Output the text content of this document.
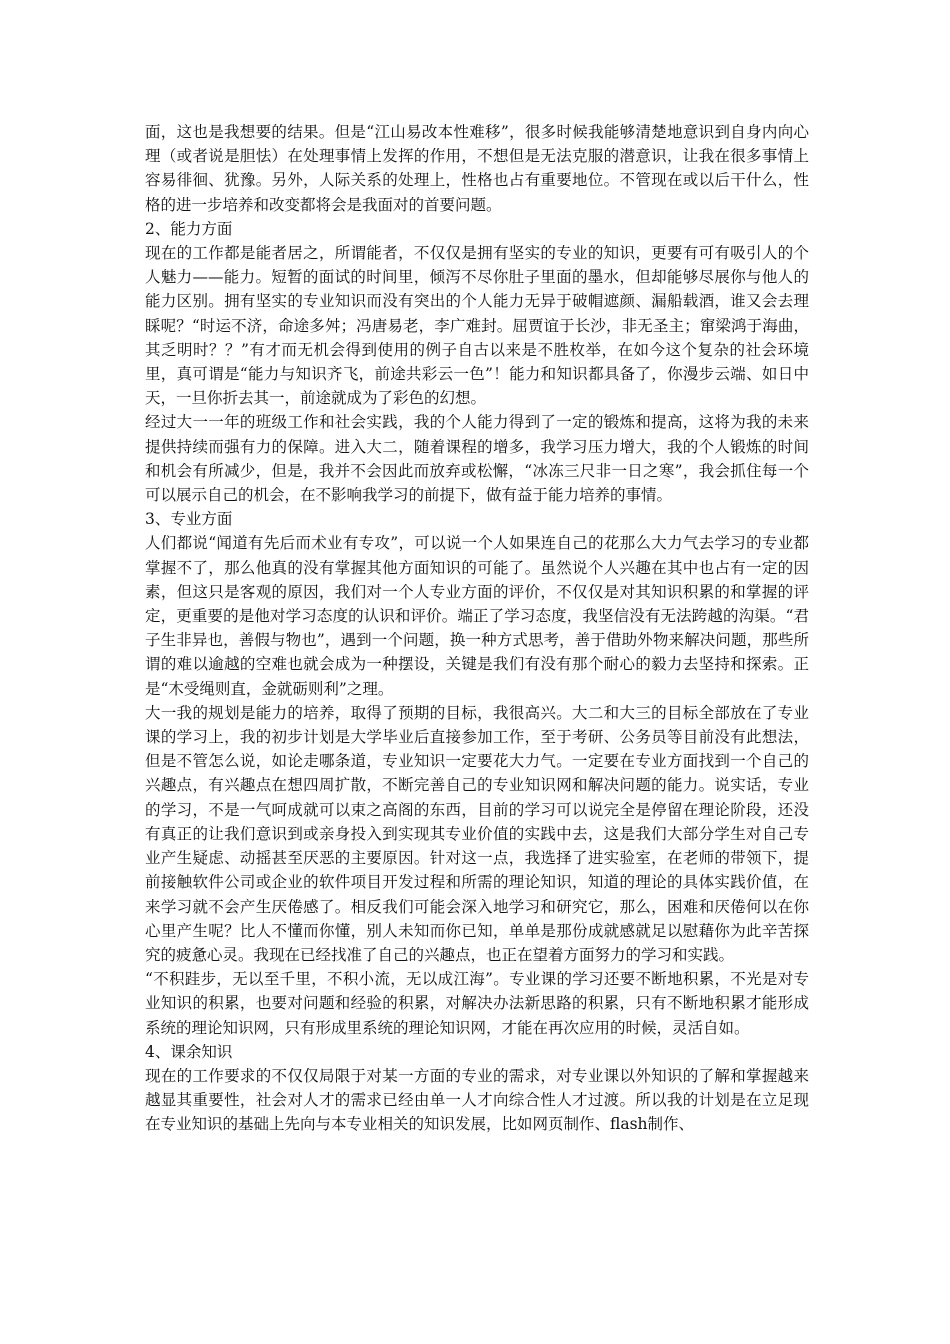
面，这也是我想要的结果。但是“江山易改本性难移”，很多时候我能够清楚地意识到自身内向心理（或者说是胆怯）在处理事情上发挥的作用，不想但是无法克服的潜意识，让我在很多事情上容易徘徊、犹豫。另外，人际关系的处理上，性格也占有重要地位。不管现在或以后干什么，性格的进一步培养和改变都将会是我面对的首要问题。

2、能力方面

现在的工作都是能者居之，所谓能者，不仅仅是拥有坚实的专业的知识，更要有可有吸引人的个人魅力——能力。短暂的面试的时间里，倾泻不尽你肚子里面的墨水，但却能够尽展你与他人的能力区别。拥有坚实的专业知识而没有突出的个人能力无异于破帽遮颜、漏船载酒，谁又会去理睬呢？“时运不济，命途多舛；冯唐易老，李广难封。屈贾谊于长沙，非无圣主；窜梁鸿于海曲，其乏明时？？”有才而无机会得到使用的例子自古以来是不胜枚举，在如今这个复杂的社会环境里，真可谓是“能力与知识齐飞，前途共彩云一色”！能力和知识都具备了，你漫步云端、如日中天，一旦你折去其一，前途就成为了彩色的幻想。

经过大一一年的班级工作和社会实践，我的个人能力得到了一定的锻炼和提高，这将为我的未来提供持续而强有力的保障。进入大二，随着课程的增多，我学习压力增大，我的个人锻炼的时间和机会有所减少，但是，我并不会因此而放弃或松懈，“冰冻三尺非一日之寒”，我会抓住每一个可以展示自己的机会，在不影响我学习的前提下，做有益于能力培养的事情。

3、专业方面

人们都说“闻道有先后而术业有专攻”，可以说一个人如果连自己的花那么大力气去学习的专业都掌握不了，那么他真的没有掌握其他方面知识的可能了。虽然说个人兴趣在其中也占有一定的因素，但这只是客观的原因，我们对一个人专业方面的评价，不仅仅是对其知识积累的和掌握的评定，更重要的是他对学习态度的认识和评价。端正了学习态度，我坚信没有无法跨越的沟渠。“君子生非异也，善假与物也”，遇到一个问题，换一种方式思考，善于借助外物来解决问题，那些所谓的难以逾越的空难也就会成为一种摆设，关键是我们有没有那个耐心的毅力去坚持和探索。正是“木受绳则直，金就砺则利”之理。

大一我的规划是能力的培养，取得了预期的目标，我很高兴。大二和大三的目标全部放在了专业课的学习上，我的初步计划是大学毕业后直接参加工作，至于考研、公务员等目前没有此想法，但是不管怎么说，如论走哪条道，专业知识一定要花大力气。一定要在专业方面找到一个自己的兴趣点，有兴趣点在想四周扩散，不断完善自己的专业知识网和解决问题的能力。说实话，专业的学习，不是一气呵成就可以束之高阁的东西，目前的学习可以说完全是停留在理论阶段，还没有真正的让我们意识到或亲身投入到实现其专业价值的实践中去，这是我们大部分学生对自己专业产生疑虑、动摇甚至厌恶的主要原因。针对这一点，我选择了进实验室，在老师的带领下，提前接触软件公司或企业的软件项目开发过程和所需的理论知识，知道的理论的具体实践价值，在来学习就不会产生厌倦感了。相反我们可能会深入地学习和研究它，那么，困难和厌倦何以在你心里产生呢？比人不懂而你懂，别人未知而你已知，单单是那份成就感就足以慰藉你为此辛苦探究的疲惫心灵。我现在已经找准了自己的兴趣点，也正在望着方面努力的学习和实践。

“不积跬步，无以至千里，不积小流，无以成江海”。专业课的学习还要不断地积累，不光是对专业知识的积累，也要对问题和经验的积累，对解决办法新思路的积累，只有不断地积累才能形成系统的理论知识网，只有形成里系统的理论知识网，才能在再次应用的时候，灵活自如。

4、课余知识

现在的工作要求的不仅仅局限于对某一方面的专业的需求，对专业课以外知识的了解和掌握越来越显其重要性，社会对人才的需求已经由单一人才向综合性人才过渡。所以我的计划是在立足现在专业知识的基础上先向与本专业相关的知识发展，比如网页制作、flash制作、
